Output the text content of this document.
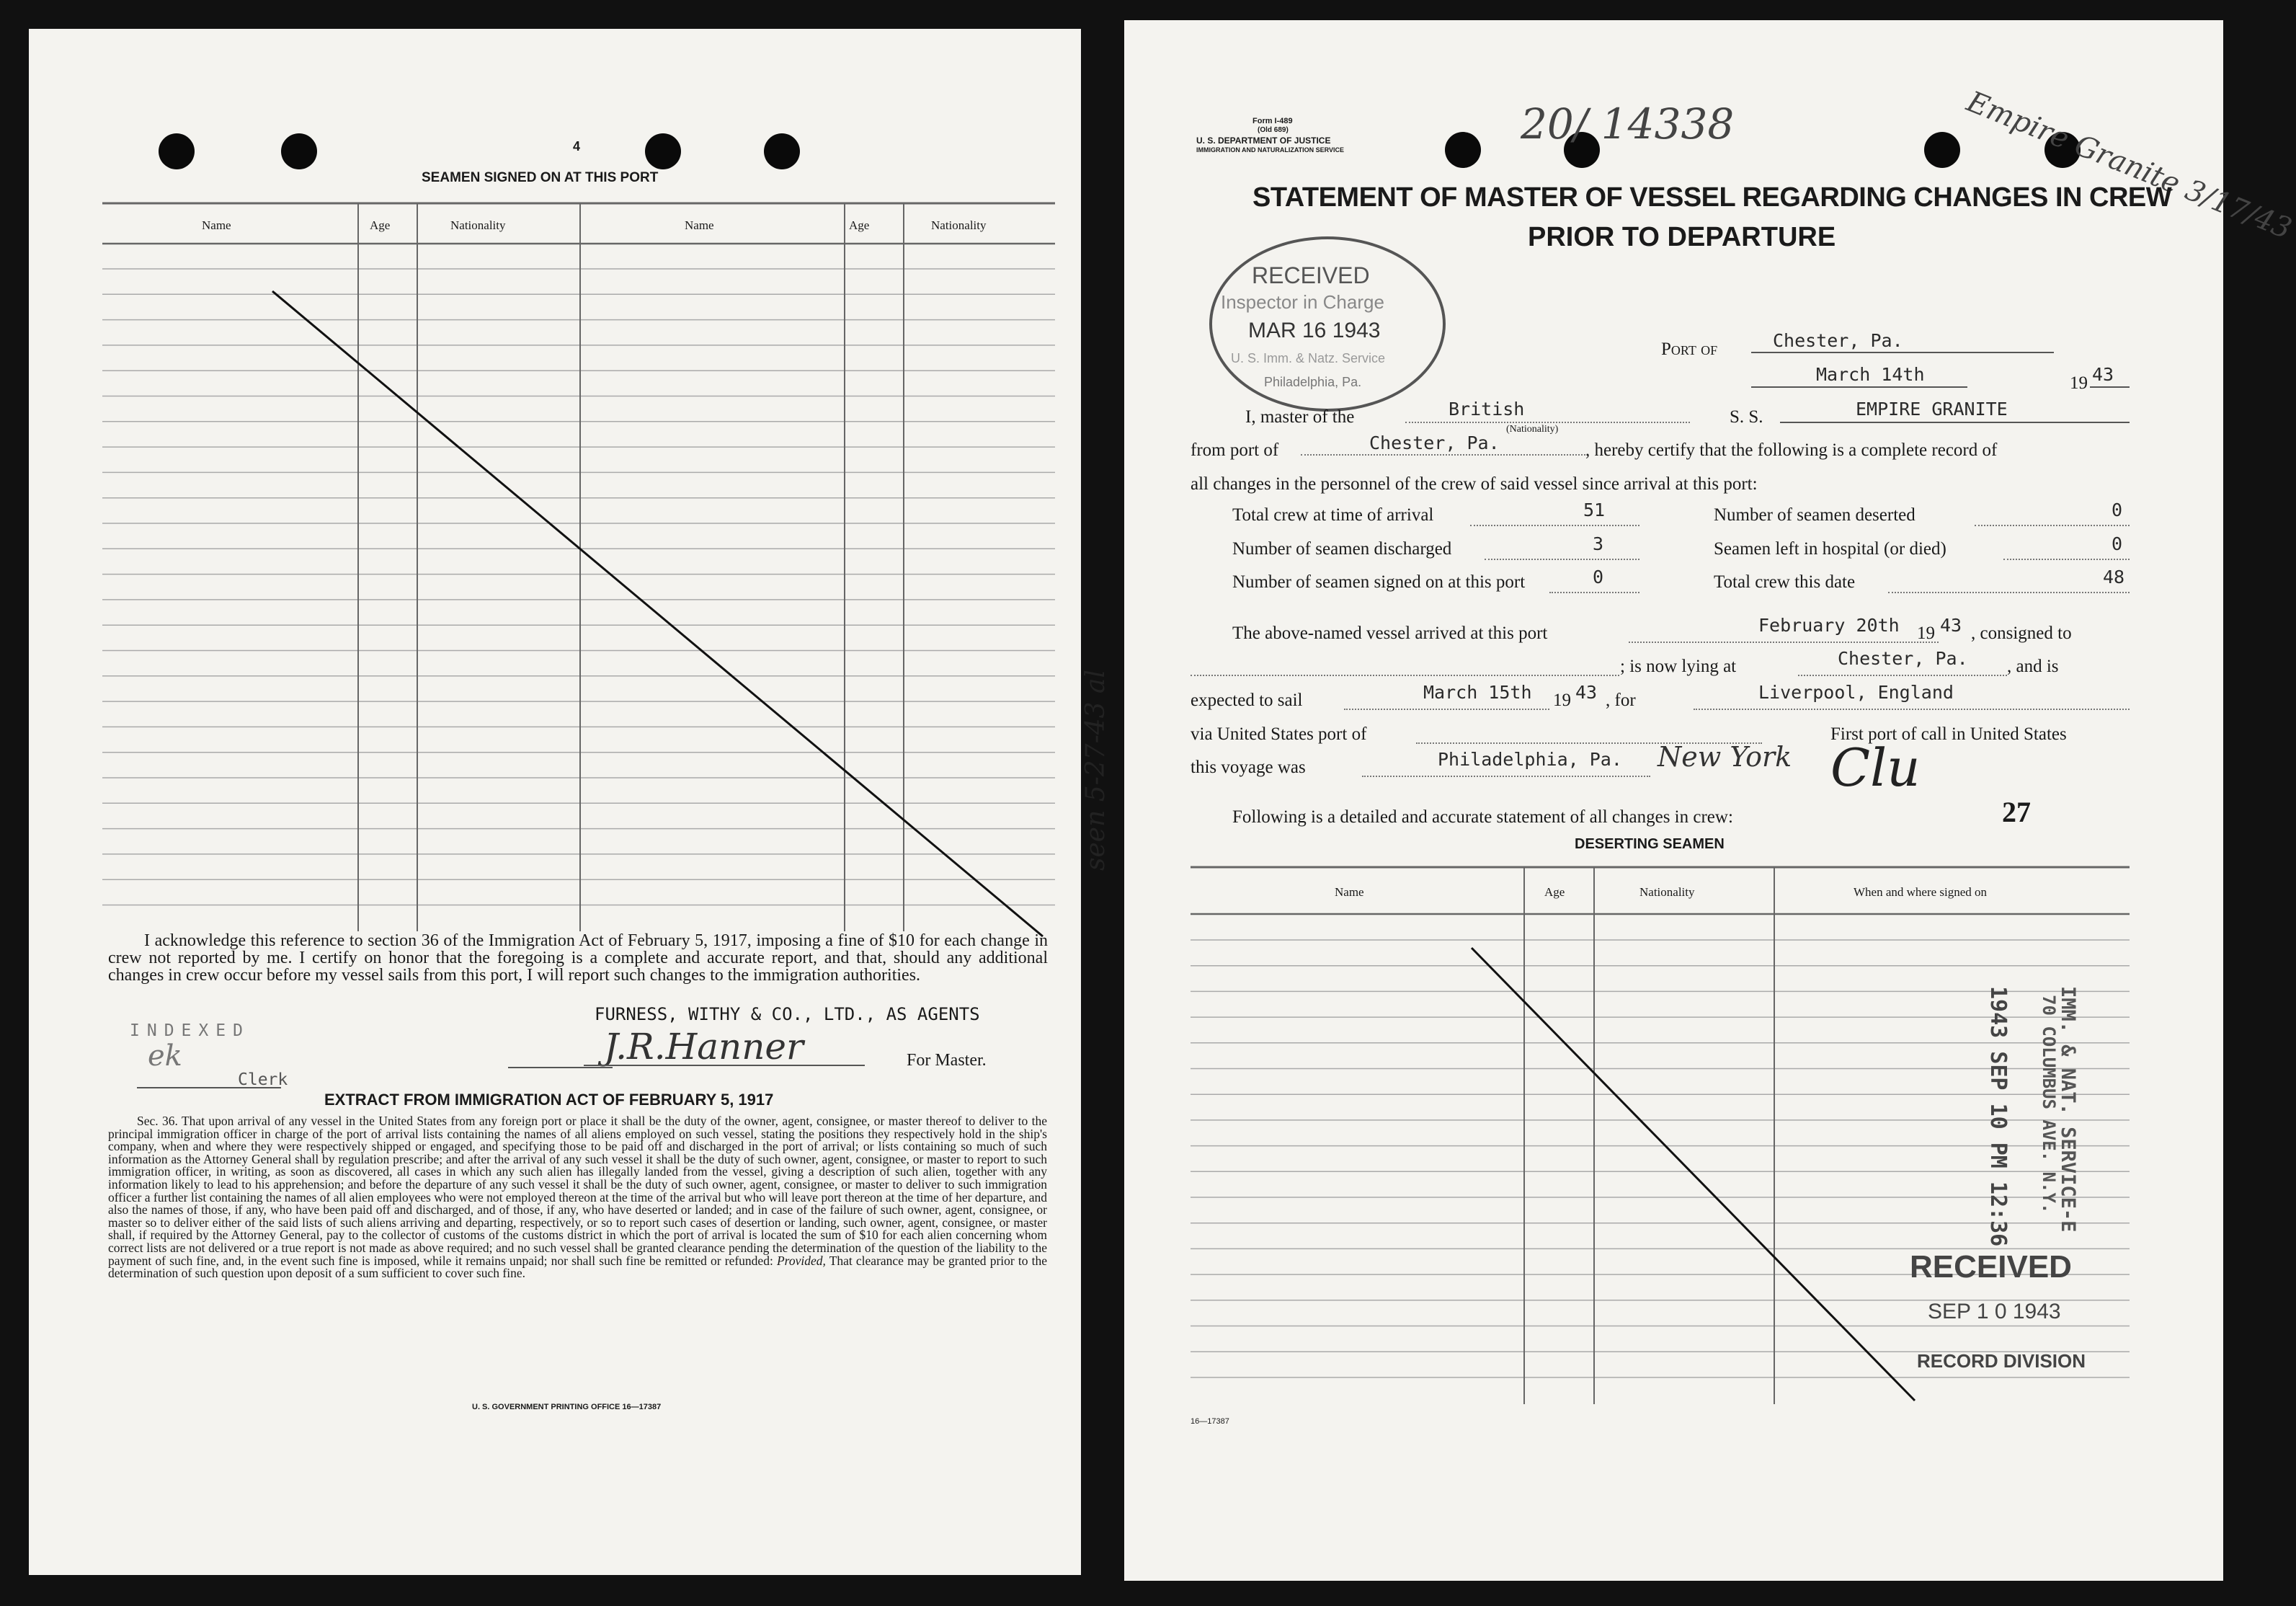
4
SEAMEN SIGNED ON AT THIS PORT
Name	Age	Nationality	Name	Age	Nationality
I acknowledge this reference to section 36 of the Immigration Act of February 5, 1917, imposing a fine of $10 for each change in crew not reported by me. I certify on honor that the foregoing is a complete and accurate report, and that, should any additional changes in crew occur before my vessel sails from this port, I will report such changes to the immigration authorities.
FURNESS, WITHY & CO., LTD., AS AGENTS
J.R.Hanner	For Master.
INDEXED
ek
Clerk
EXTRACT FROM IMMIGRATION ACT OF FEBRUARY 5, 1917
Sec. 36. That upon arrival of any vessel in the United States from any foreign port or place it shall be the duty of the owner, agent, consignee, or master thereof to deliver to the principal immigration officer in charge of the port of arrival lists containing the names of all aliens employed on such vessel, stating the positions they respectively hold in the ship's company, when and where they were respectively shipped or engaged, and specifying those to be paid off and discharged in the port of arrival; or lists containing so much of such information as the Attorney General shall by regulation prescribe; and after the arrival of any such vessel it shall be the duty of such owner, agent, consignee, or master to report to such immigration officer, in writing, as soon as discovered, all cases in which any such alien has illegally landed from the vessel, giving a description of such alien, together with any information likely to lead to his apprehension; and before the departure of any such vessel it shall be the duty of such owner, agent, consignee, or master to deliver to such immigration officer a further list containing the names of all alien employees who were not employed thereon at the time of the arrival but who will leave port thereon at the time of her departure, and also the names of those, if any, who have been paid off and discharged, and of those, if any, who have deserted or landed; and in case of the failure of such owner, agent, consignee, or master so to deliver either of the said lists of such aliens arriving and departing, respectively, or so to report such cases of desertion or landing, such owner, agent, consignee, or master shall, if required by the Attorney General, pay to the collector of customs of the customs district in which the port of arrival is located the sum of $10 for each alien concerning whom correct lists are not delivered or a true report is not made as above required; and no such vessel shall be granted clearance pending the determination of the question of the liability to the payment of such fine, and, in the event such fine is imposed, while it remains unpaid; nor shall such fine be remitted or refunded: Provided, That clearance may be granted prior to the determination of such question upon deposit of a sum sufficient to cover such fine.
U. S. GOVERNMENT PRINTING OFFICE 16—17387
Form I-489
(Old 689)
U. S. DEPARTMENT OF JUSTICE
IMMIGRATION AND NATURALIZATION SERVICE
20/ 14338	Empire Granite 3/17/43
STATEMENT OF MASTER OF VESSEL REGARDING CHANGES IN CREW
PRIOR TO DEPARTURE
RECEIVED
Inspector in Charge
MAR 16 1943
U. S. Imm. & Natz. Service
Philadelphia, Pa.
Port of	Chester, Pa.
March 14th	19 43
I, master of the	British
(Nationality)
S. S.	EMPIRE GRANITE
from port of	Chester, Pa.	, hereby certify that the following is a complete record of
all changes in the personnel of the crew of said vessel since arrival at this port:
Total crew at time of arrival	51	Number of seamen deserted	0
Number of seamen discharged	3	Seamen left in hospital (or died)	0
Number of seamen signed on at this port	0	Total crew this date	48
The above-named vessel arrived at this port	February 20th 19 43 , consigned to
; is now lying at	Chester, Pa. , and is
expected to sail	March 15th 19 43 , for	Liverpool, England
via United States port of	First port of call in United States
this voyage was	Philadelphia, Pa. New York Clu
Following is a detailed and accurate statement of all changes in crew:	27
DESERTING SEAMEN
Name	Age	Nationality	When and where signed on
seen 5-27-43 al
IMM. & NAT. SERVICE-E
70 COLUMBUS AVE. N.Y.
1943 SEP 10 PM 12:36
RECEIVED
SEP 1 0 1943
RECORD DIVISION
16—17387
